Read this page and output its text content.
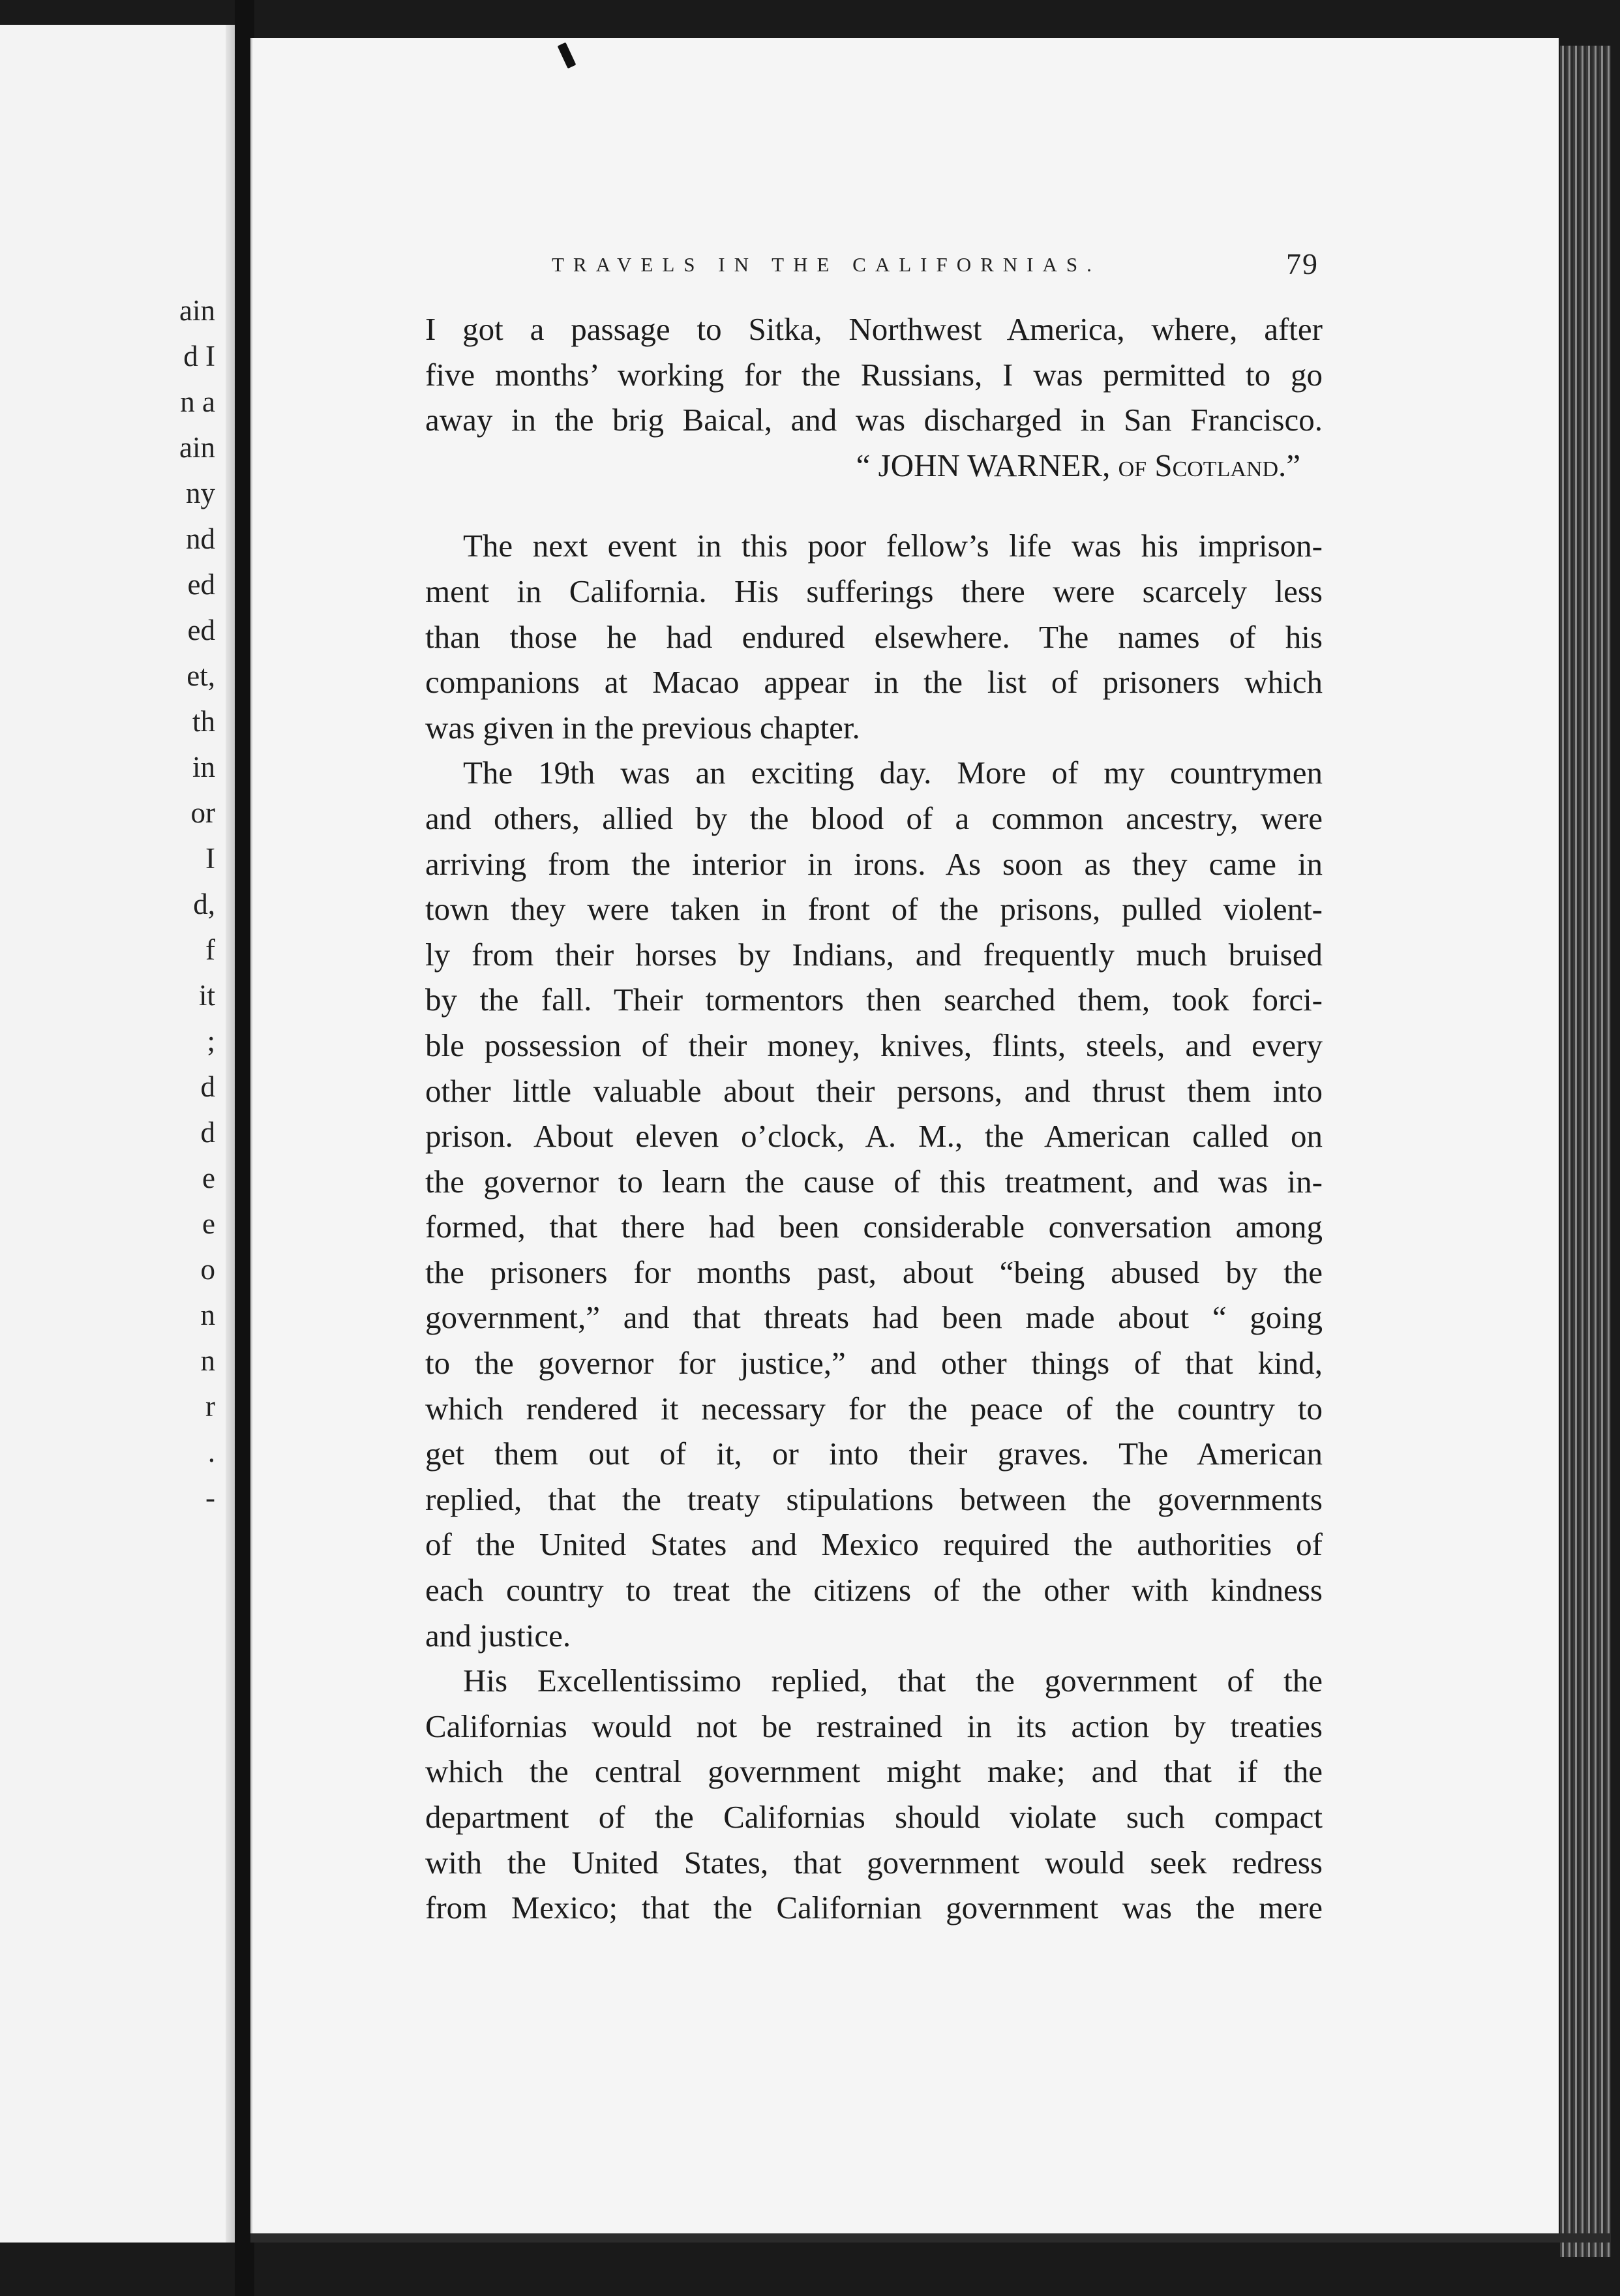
ain
d I
n a
ain
ny
nd
ed
ed
et,
th
in
or
I
d,
f
it
;
d
d
e
e
o
n
n
r
.
-
TRAVELS IN THE CALIFORNIAS.	79
I got a passage to Sitka, Northwest America, where, after
five months’ working for the Russians, I was permitted to go
away in the brig Baical, and was discharged in San Francisco.
“ JOHN WARNER, of Scotland.”
The next event in this poor fellow’s life was his imprison-
ment in California. His sufferings there were scarcely less
than those he had endured elsewhere. The names of his
companions at Macao appear in the list of prisoners which
was given in the previous chapter.
The 19th was an exciting day. More of my countrymen
and others, allied by the blood of a common ancestry, were
arriving from the interior in irons. As soon as they came in
town they were taken in front of the prisons, pulled violent-
ly from their horses by Indians, and frequently much bruised
by the fall. Their tormentors then searched them, took forci-
ble possession of their money, knives, flints, steels, and every
other little valuable about their persons, and thrust them into
prison. About eleven o’clock, A. M., the American called on
the governor to learn the cause of this treatment, and was in-
formed, that there had been considerable conversation among
the prisoners for months past, about “being abused by the
government,” and that threats had been made about “ going
to the governor for justice,” and other things of that kind,
which rendered it necessary for the peace of the country to
get them out of it, or into their graves. The American
replied, that the treaty stipulations between the governments
of the United States and Mexico required the authorities of
each country to treat the citizens of the other with kindness
and justice.
His Excellentissimo replied, that the government of the
Californias would not be restrained in its action by treaties
which the central government might make; and that if the
department of the Californias should violate such compact
with the United States, that government would seek redress
from Mexico; that the Californian government was the mere
